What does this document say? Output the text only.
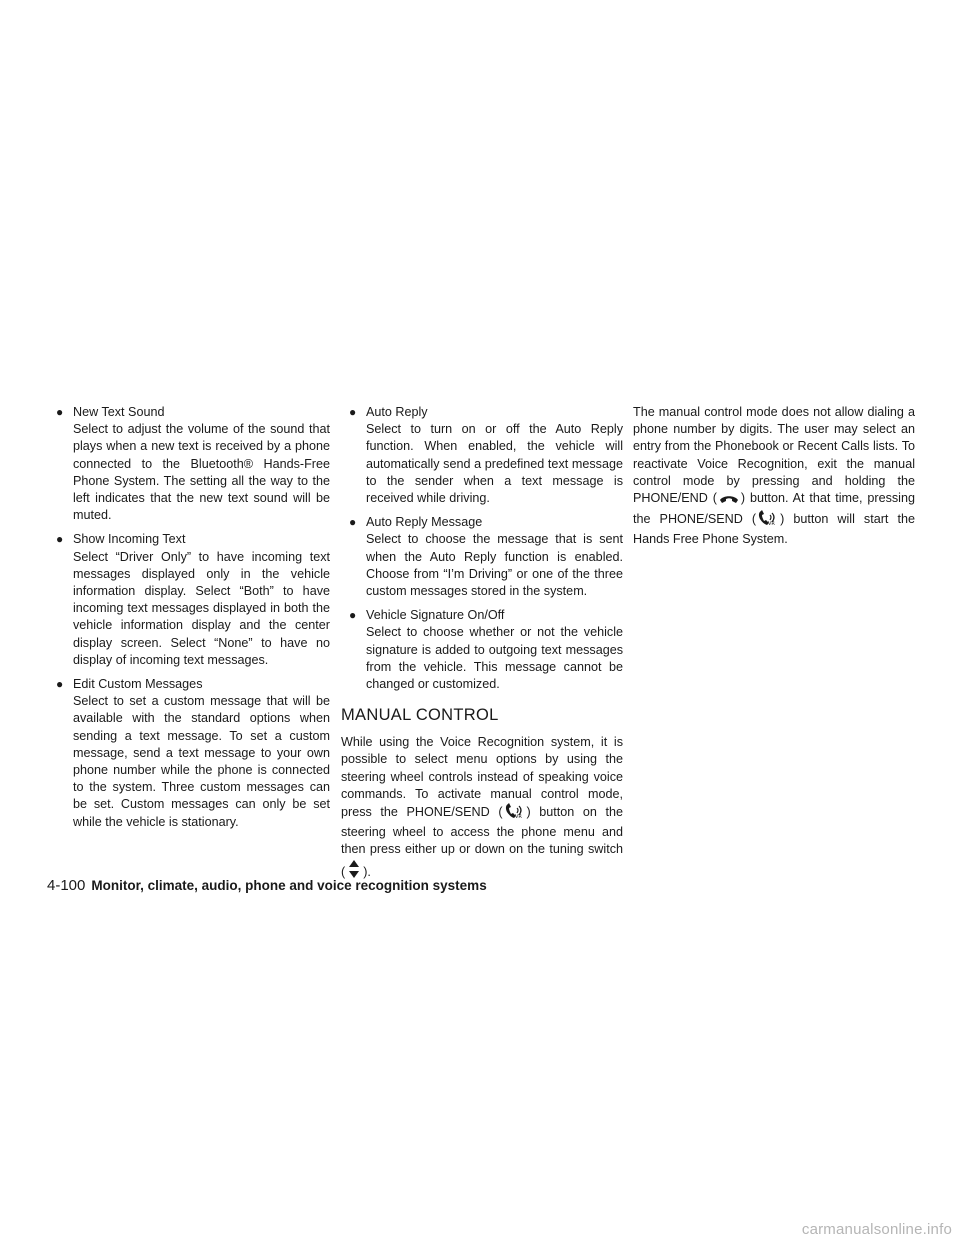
● New Text Sound
Select to adjust the volume of the sound that plays when a new text is received by a phone connected to the Bluetooth® Hands-Free Phone System. The setting all the way to the left indicates that the new text sound will be muted.
● Show Incoming Text
Select “Driver Only” to have incoming text messages displayed only in the vehicle information display. Select “Both” to have incoming text messages displayed in both the vehicle information display and the center display screen. Select “None” to have no display of incoming text messages.
● Edit Custom Messages
Select to set a custom message that will be available with the standard options when sending a text message. To set a custom message, send a text message to your own phone number while the phone is connected to the system. Three custom messages can be set. Custom messages can only be set while the vehicle is stationary.
● Auto Reply
Select to turn on or off the Auto Reply function. When enabled, the vehicle will automatically send a predefined text message to the sender when a text message is received while driving.
● Auto Reply Message
Select to choose the message that is sent when the Auto Reply function is enabled. Choose from “I’m Driving” or one of the three custom messages stored in the system.
● Vehicle Signature On/Off
Select to choose whether or not the vehicle signature is added to outgoing text messages from the vehicle. This message cannot be changed or customized.
MANUAL CONTROL

While using the Voice Recognition system, it is possible to select menu options by using the steering wheel controls instead of speaking voice commands. To activate manual control mode, press the PHONE/SEND ( VR ) button on the steering wheel to access the phone menu and then press either up or down on the tuning switch ( ).

The manual control mode does not allow dialing a phone number by digits. The user may select an entry from the Phonebook or Recent Calls lists. To reactivate Voice Recognition, exit the manual control mode by pressing and holding the PHONE/END ( ) button. At that time, pressing the PHONE/SEND ( VR ) button will start the Hands Free Phone System.

4-100 Monitor, climate, audio, phone and voice recognition systems
carmanualsonline.info
